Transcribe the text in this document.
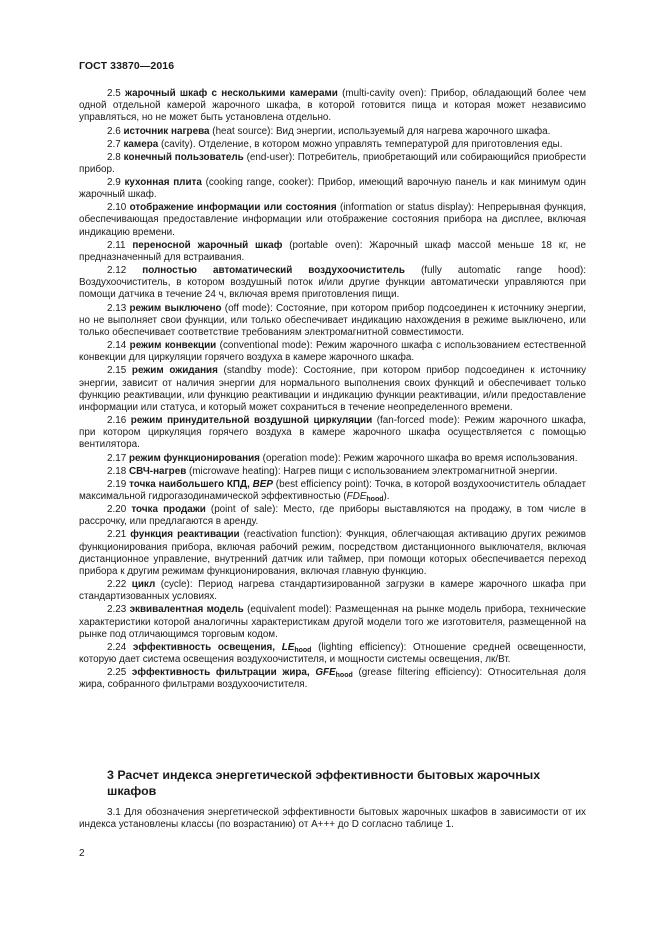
ГОСТ 33870—2016

2.5 жарочный шкаф с несколькими камерами (multi-cavity oven): Прибор, обладающий более чем одной отдельной камерой жарочного шкафа, в которой готовится пища и которая может независимо управляться, но не может быть установлена отдельно.

2.6 источник нагрева (heat source): Вид энергии, используемый для нагрева жарочного шкафа.

2.7 камера (cavity). Отделение, в котором можно управлять температурой для приготовления еды.

2.8 конечный пользователь (end-user): Потребитель, приобретающий или собирающийся приобрести прибор.

2.9 кухонная плита (cooking range, cooker): Прибор, имеющий варочную панель и как минимум один жарочный шкаф.

2.10 отображение информации или состояния (information or status display): Непрерывная функция, обеспечивающая предоставление информации или отображение состояния прибора на дисплее, включая индикацию времени.

2.11 переносной жарочный шкаф (portable oven): Жарочный шкаф массой меньше 18 кг, не предназначенный для встраивания.

2.12 полностью автоматический воздухоочиститель (fully automatic range hood): Воздухоочиститель, в котором воздушный поток и/или другие функции автоматически управляются при помощи датчика в течение 24 ч, включая время приготовления пищи.

2.13 режим выключено (off mode): Состояние, при котором прибор подсоединен к источнику энергии, но не выполняет свои функции, или только обеспечивает индикацию нахождения в режиме выключено, или только обеспечивает соответствие требованиям электромагнитной совместимости.

2.14 режим конвекции (conventional mode): Режим жарочного шкафа с использованием естественной конвекции для циркуляции горячего воздуха в камере жарочного шкафа.

2.15 режим ожидания (standby mode): Состояние, при котором прибор подсоединен к источнику энергии, зависит от наличия энергии для нормального выполнения своих функций и обеспечивает только функцию реактивации, или функцию реактивации и индикацию функции реактивации, и/или предоставление информации или статуса, и который может сохраниться в течение неопределенного времени.

2.16 режим принудительной воздушной циркуляции (fan-forced mode): Режим жарочного шкафа, при котором циркуляция горячего воздуха в камере жарочного шкафа осуществляется с помощью вентилятора.

2.17 режим функционирования (operation mode): Режим жарочного шкафа во время использования.

2.18 СВЧ-нагрев (microwave heating): Нагрев пищи с использованием электромагнитной энергии.

2.19 точка наибольшего КПД, BEP (best efficiency point): Точка, в которой воздухоочиститель обладает максимальной гидрогазодинамической эффективностью $(FDE_{hood})$.

2.20 точка продажи (point of sale): Место, где приборы выставляются на продажу, в том числе в рассрочку, или предлагаются в аренду.

2.21 функция реактивации (reactivation function): Функция, облегчающая активацию других режимов функционирования прибора, включая рабочий режим, посредством дистанционного выключателя, включая дистанционное управление, внутренний датчик или таймер, при помощи которых обеспечивается переход прибора к другим режимам функционирования, включая главную функцию.

2.22 цикл (cycle): Период нагрева стандартизированной загрузки в камере жарочного шкафа при стандартизованных условиях.

2.23 эквивалентная модель (equivalent model): Размещенная на рынке модель прибора, технические характеристики которой аналогичны характеристикам другой модели того же изготовителя, размещенной на рынке под отличающимся торговым кодом.

2.24 эффективность освещения, $LE_{hood}$ (lighting efficiency): Отношение средней освещенности, которую дает система освещения воздухоочистителя, и мощности системы освещения, лк/Вт.

2.25 эффективность фильтрации жира, $GFE_{hood}$ (grease filtering efficiency): Относительная доля жира, собранного фильтрами воздухоочистителя.

3 Расчет индекса энергетической эффективности бытовых жарочных шкафов
3.1 Для обозначения энергетической эффективности бытовых жарочных шкафов в зависимости от их индекса установлены классы (по возрастанию) от A+++ до D согласно таблице 1.
2
